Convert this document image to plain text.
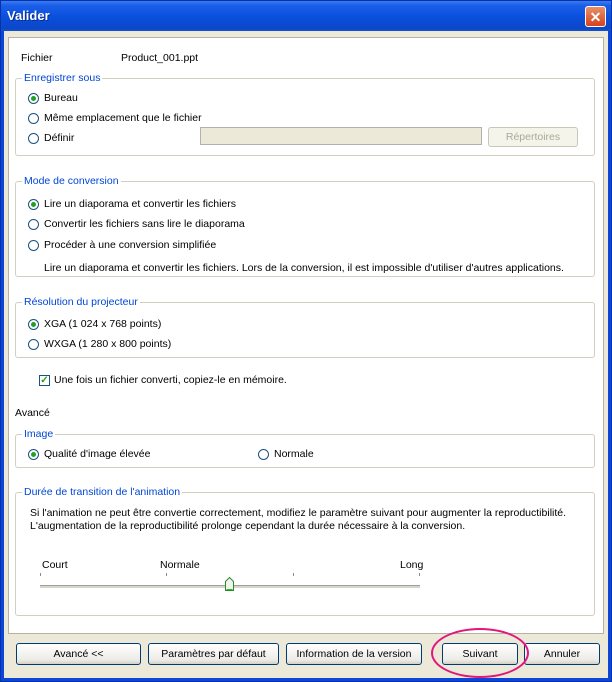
Valider	✕
Fichier	Product_001.ppt
Enregistrer sous
Bureau
Même emplacement que le fichier
Définir	Répertoires
Mode de conversion
Lire un diaporama et convertir les fichiers
Convertir les fichiers sans lire le diaporama
Procéder à une conversion simplifiée
Lire un diaporama et convertir les fichiers. Lors de la conversion, il est impossible d'utiliser d'autres applications.
Résolution du projecteur
XGA (1 024 x 768 points)
WXGA (1 280 x 800 points)
✓ Une fois un fichier converti, copiez-le en mémoire.
Avancé
Image
Qualité d'image élevée	Normale
Durée de transition de l'animation
Si l'animation ne peut être convertie correctement, modifiez le paramètre suivant pour augmenter la reproductibilité.
L'augmentation de la reproductibilité prolonge cependant la durée nécessaire à la conversion.
Court	Normale	Long
Avancé <<	Paramètres par défaut	Information de la version	Suivant	Annuler
